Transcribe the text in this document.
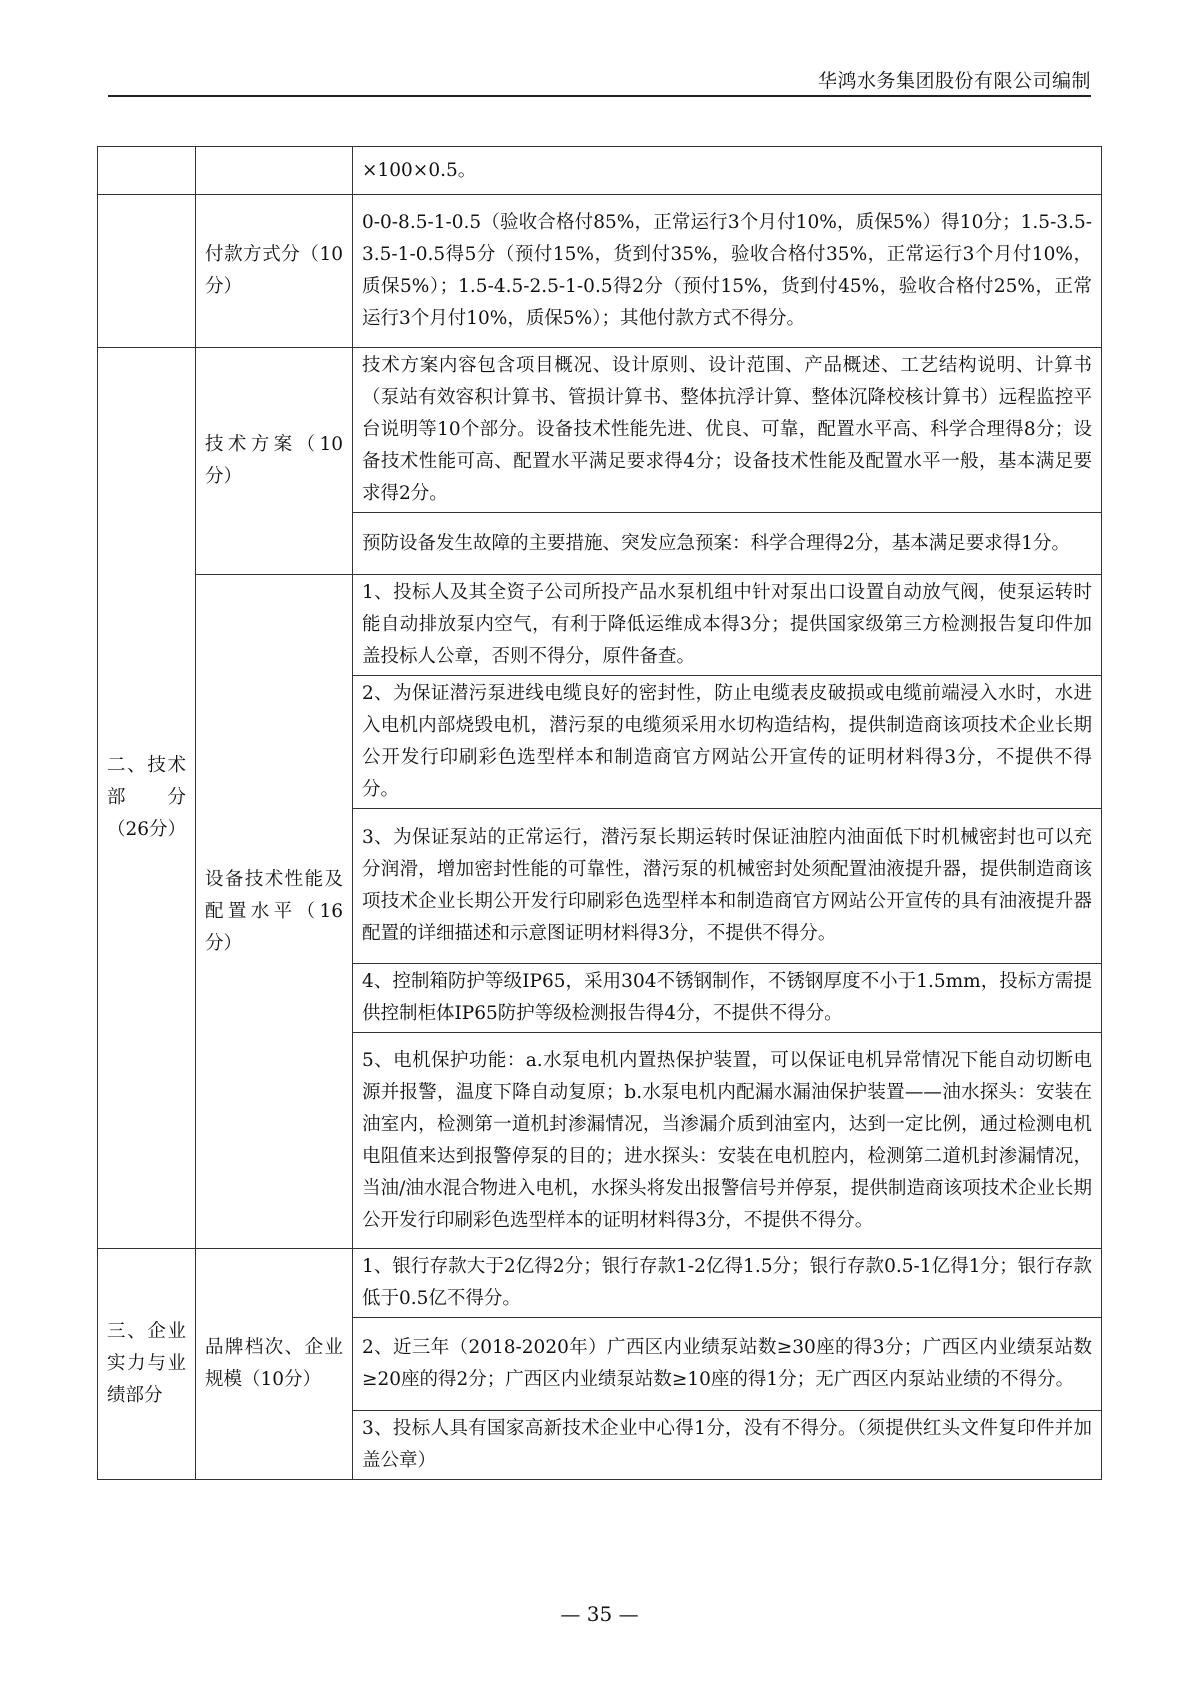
华鸿水务集团股份有限公司编制
		×100×0.5。
	付款方式分（10分）	0-0-8.5-1-0.5（验收合格付85%，正常运行3个月付10%，质保5%）得10分；1.5-3.5-3.5-1-0.5得5分（预付15%，货到付35%，验收合格付35%，正常运行3个月付10%，质保5%）；1.5-4.5-2.5-1-0.5得2分（预付15%，货到付45%，验收合格付25%，正常运行3个月付10%，质保5%）；其他付款方式不得分。
二、技术部分（26分）	技术方案（10分）	技术方案内容包含项目概况、设计原则、设计范围、产品概述、工艺结构说明、计算书（泵站有效容积计算书、管损计算书、整体抗浮计算、整体沉降校核计算书）远程监控平台说明等10个部分。设备技术性能先进、优良、可靠，配置水平高、科学合理得8分；设备技术性能可高、配置水平满足要求得4分；设备技术性能及配置水平一般，基本满足要求得2分。
		预防设备发生故障的主要措施、突发应急预案：科学合理得2分，基本满足要求得1分。
	设备技术性能及配置水平（16分）	1、投标人及其全资子公司所投产品水泵机组中针对泵出口设置自动放气阀，使泵运转时能自动排放泵内空气，有利于降低运维成本得3分；提供国家级第三方检测报告复印件加盖投标人公章，否则不得分，原件备查。
		2、为保证潜污泵进线电缆良好的密封性，防止电缆表皮破损或电缆前端浸入水时，水进入电机内部烧毁电机，潜污泵的电缆须采用水切构造结构，提供制造商该项技术企业长期公开发行印刷彩色选型样本和制造商官方网站公开宣传的证明材料得3分，不提供不得分。
		3、为保证泵站的正常运行，潜污泵长期运转时保证油腔内油面低下时机械密封也可以充分润滑，增加密封性能的可靠性，潜污泵的机械密封处须配置油液提升器，提供制造商该项技术企业长期公开发行印刷彩色选型样本和制造商官方网站公开宣传的具有油液提升器配置的详细描述和示意图证明材料得3分，不提供不得分。
		4、控制箱防护等级IP65，采用304不锈钢制作，不锈钢厚度不小于1.5mm，投标方需提供控制柜体IP65防护等级检测报告得4分，不提供不得分。
		5、电机保护功能：a.水泵电机内置热保护装置，可以保证电机异常情况下能自动切断电源并报警，温度下降自动复原；b.水泵电机内配漏水漏油保护装置——油水探头：安装在油室内，检测第一道机封渗漏情况，当渗漏介质到油室内，达到一定比例，通过检测电机电阻值来达到报警停泵的目的；进水探头：安装在电机腔内，检测第二道机封渗漏情况，当油/油水混合物进入电机，水探头将发出报警信号并停泵，提供制造商该项技术企业长期公开发行印刷彩色选型样本的证明材料得3分，不提供不得分。
三、企业实力与业绩部分	品牌档次、企业规模（10分）	1、银行存款大于2亿得2分；银行存款1-2亿得1.5分；银行存款0.5-1亿得1分；银行存款低于0.5亿不得分。
		2、近三年（2018-2020年）广西区内业绩泵站数≥30座的得3分；广西区内业绩泵站数≥20座的得2分；广西区内业绩泵站数≥10座的得1分；无广西区内泵站业绩的不得分。
		3、投标人具有国家高新技术企业中心得1分，没有不得分。（须提供红头文件复印件并加盖公章）
— 35 —
